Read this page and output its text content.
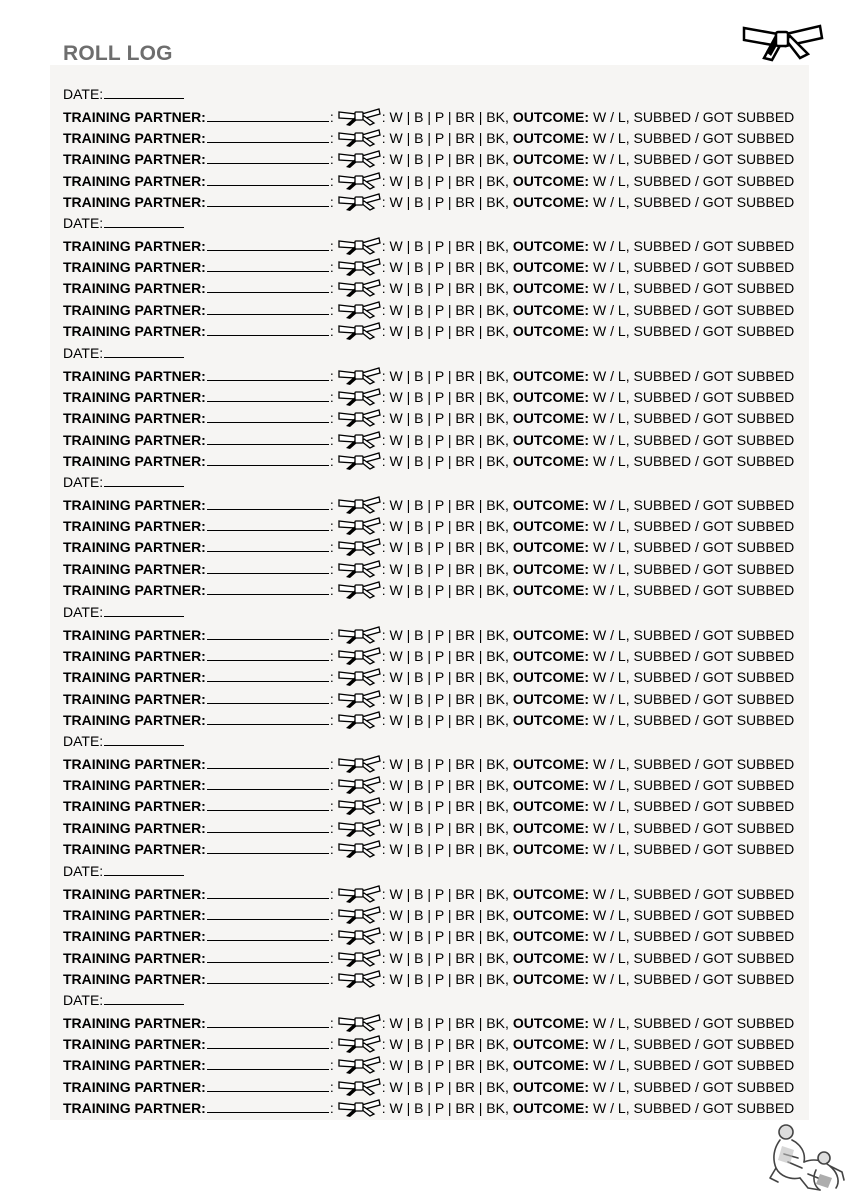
ROLL LOG
DATE:
TRAINING PARTNER:	:	: W | B | P | BR | BK, OUTCOME: W / L, SUBBED / GOT SUBBED
TRAINING PARTNER:	:	: W | B | P | BR | BK, OUTCOME: W / L, SUBBED / GOT SUBBED
TRAINING PARTNER:	:	: W | B | P | BR | BK, OUTCOME: W / L, SUBBED / GOT SUBBED
TRAINING PARTNER:	:	: W | B | P | BR | BK, OUTCOME: W / L, SUBBED / GOT SUBBED
TRAINING PARTNER:	:	: W | B | P | BR | BK, OUTCOME: W / L, SUBBED / GOT SUBBED
DATE:
TRAINING PARTNER:	:	: W | B | P | BR | BK, OUTCOME: W / L, SUBBED / GOT SUBBED
TRAINING PARTNER:	:	: W | B | P | BR | BK, OUTCOME: W / L, SUBBED / GOT SUBBED
TRAINING PARTNER:	:	: W | B | P | BR | BK, OUTCOME: W / L, SUBBED / GOT SUBBED
TRAINING PARTNER:	:	: W | B | P | BR | BK, OUTCOME: W / L, SUBBED / GOT SUBBED
TRAINING PARTNER:	:	: W | B | P | BR | BK, OUTCOME: W / L, SUBBED / GOT SUBBED
DATE:
TRAINING PARTNER:	:	: W | B | P | BR | BK, OUTCOME: W / L, SUBBED / GOT SUBBED
TRAINING PARTNER:	:	: W | B | P | BR | BK, OUTCOME: W / L, SUBBED / GOT SUBBED
TRAINING PARTNER:	:	: W | B | P | BR | BK, OUTCOME: W / L, SUBBED / GOT SUBBED
TRAINING PARTNER:	:	: W | B | P | BR | BK, OUTCOME: W / L, SUBBED / GOT SUBBED
TRAINING PARTNER:	:	: W | B | P | BR | BK, OUTCOME: W / L, SUBBED / GOT SUBBED
DATE:
TRAINING PARTNER:	:	: W | B | P | BR | BK, OUTCOME: W / L, SUBBED / GOT SUBBED
TRAINING PARTNER:	:	: W | B | P | BR | BK, OUTCOME: W / L, SUBBED / GOT SUBBED
TRAINING PARTNER:	:	: W | B | P | BR | BK, OUTCOME: W / L, SUBBED / GOT SUBBED
TRAINING PARTNER:	:	: W | B | P | BR | BK, OUTCOME: W / L, SUBBED / GOT SUBBED
TRAINING PARTNER:	:	: W | B | P | BR | BK, OUTCOME: W / L, SUBBED / GOT SUBBED
DATE:
TRAINING PARTNER:	:	: W | B | P | BR | BK, OUTCOME: W / L, SUBBED / GOT SUBBED
TRAINING PARTNER:	:	: W | B | P | BR | BK, OUTCOME: W / L, SUBBED / GOT SUBBED
TRAINING PARTNER:	:	: W | B | P | BR | BK, OUTCOME: W / L, SUBBED / GOT SUBBED
TRAINING PARTNER:	:	: W | B | P | BR | BK, OUTCOME: W / L, SUBBED / GOT SUBBED
TRAINING PARTNER:	:	: W | B | P | BR | BK, OUTCOME: W / L, SUBBED / GOT SUBBED
DATE:
TRAINING PARTNER:	:	: W | B | P | BR | BK, OUTCOME: W / L, SUBBED / GOT SUBBED
TRAINING PARTNER:	:	: W | B | P | BR | BK, OUTCOME: W / L, SUBBED / GOT SUBBED
TRAINING PARTNER:	:	: W | B | P | BR | BK, OUTCOME: W / L, SUBBED / GOT SUBBED
TRAINING PARTNER:	:	: W | B | P | BR | BK, OUTCOME: W / L, SUBBED / GOT SUBBED
TRAINING PARTNER:	:	: W | B | P | BR | BK, OUTCOME: W / L, SUBBED / GOT SUBBED
DATE:
TRAINING PARTNER:	:	: W | B | P | BR | BK, OUTCOME: W / L, SUBBED / GOT SUBBED
TRAINING PARTNER:	:	: W | B | P | BR | BK, OUTCOME: W / L, SUBBED / GOT SUBBED
TRAINING PARTNER:	:	: W | B | P | BR | BK, OUTCOME: W / L, SUBBED / GOT SUBBED
TRAINING PARTNER:	:	: W | B | P | BR | BK, OUTCOME: W / L, SUBBED / GOT SUBBED
TRAINING PARTNER:	:	: W | B | P | BR | BK, OUTCOME: W / L, SUBBED / GOT SUBBED
DATE:
TRAINING PARTNER:	:	: W | B | P | BR | BK, OUTCOME: W / L, SUBBED / GOT SUBBED
TRAINING PARTNER:	:	: W | B | P | BR | BK, OUTCOME: W / L, SUBBED / GOT SUBBED
TRAINING PARTNER:	:	: W | B | P | BR | BK, OUTCOME: W / L, SUBBED / GOT SUBBED
TRAINING PARTNER:	:	: W | B | P | BR | BK, OUTCOME: W / L, SUBBED / GOT SUBBED
TRAINING PARTNER:	:	: W | B | P | BR | BK, OUTCOME: W / L, SUBBED / GOT SUBBED
